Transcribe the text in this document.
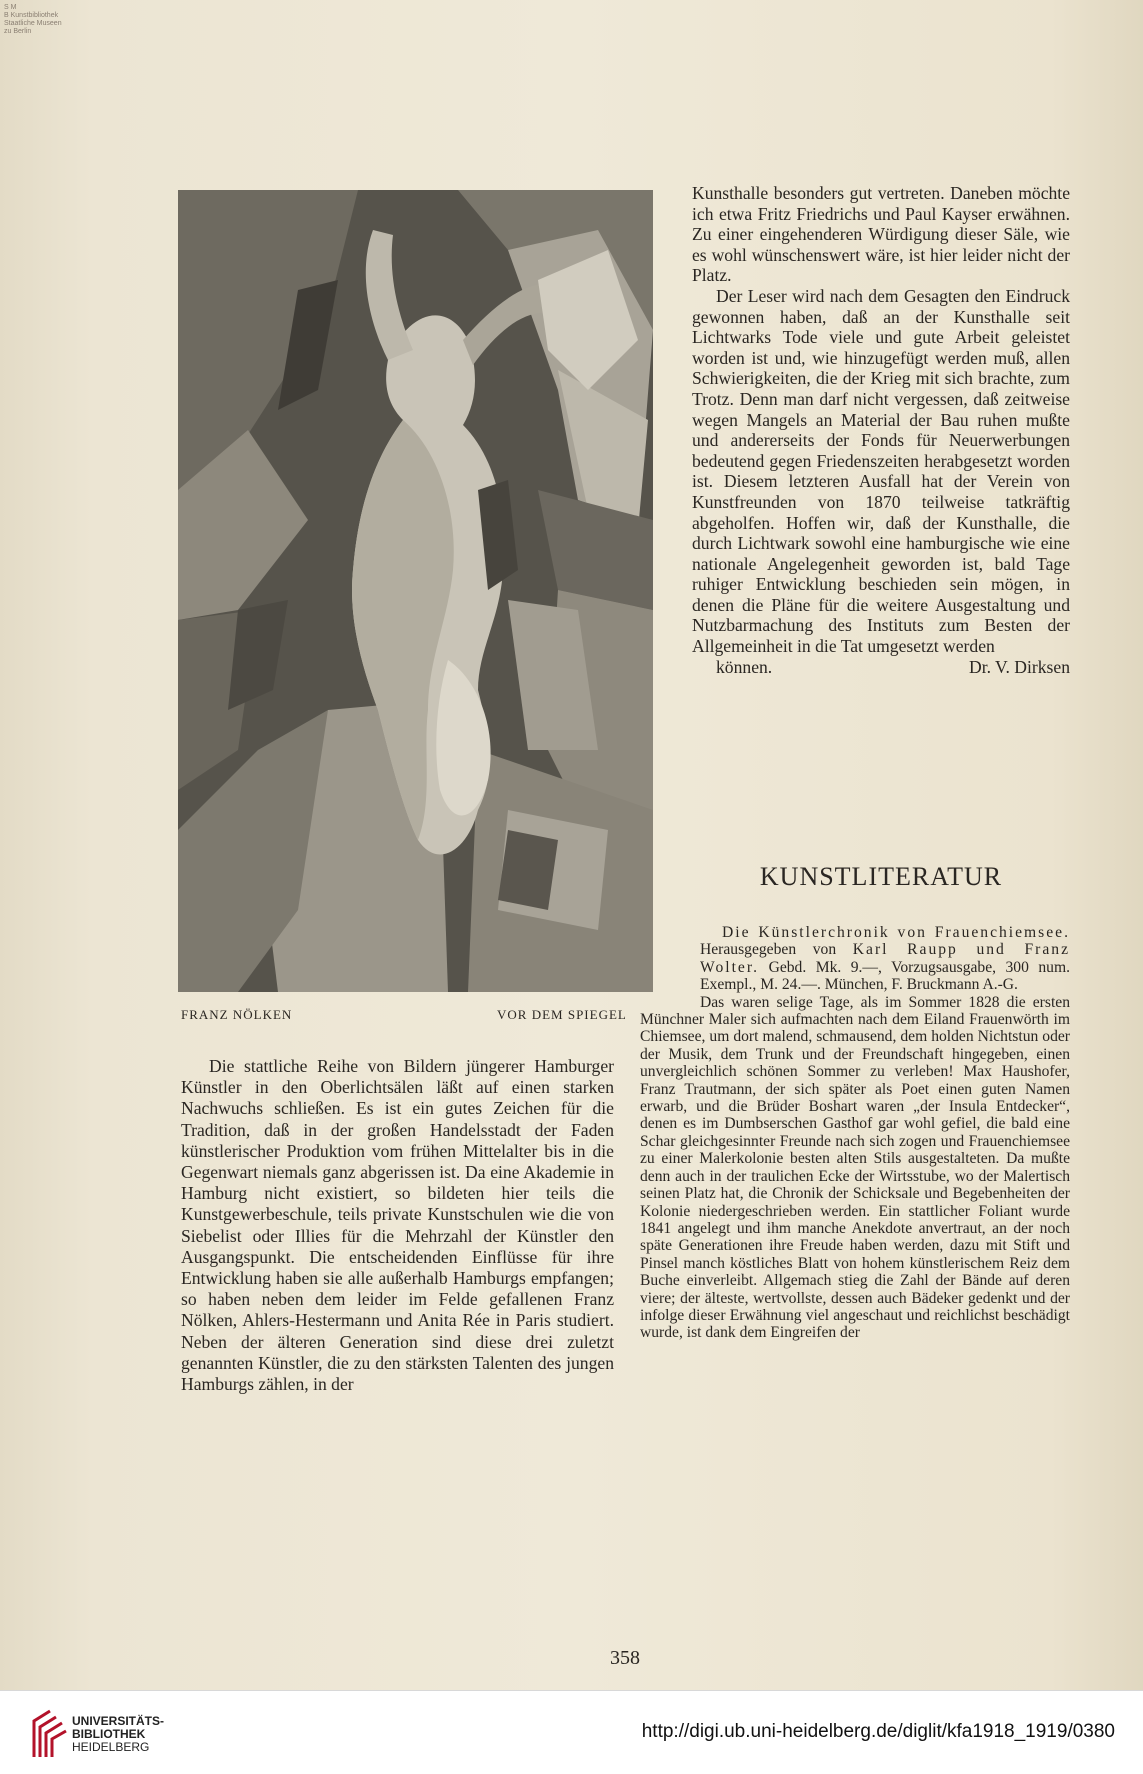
S M
B Kunstbibliothek
Staatliche Museen
zu Berlin
FRANZ NÖLKEN	VOR DEM SPIEGEL

Kunsthalle besonders gut vertreten. Daneben möchte ich etwa Fritz Friedrichs und Paul Kayser erwähnen. Zu einer eingehenderen Würdigung dieser Säle, wie es wohl wünschenswert wäre, ist hier leider nicht der Platz.

Der Leser wird nach dem Gesagten den Eindruck gewonnen haben, daß an der Kunsthalle seit Lichtwarks Tode viele und gute Arbeit geleistet worden ist und, wie hinzugefügt werden muß, allen Schwierigkeiten, die der Krieg mit sich brachte, zum Trotz. Denn man darf nicht vergessen, daß zeitweise wegen Mangels an Material der Bau ruhen mußte und andererseits der Fonds für Neuerwerbungen bedeutend gegen Friedenszeiten herabgesetzt worden ist. Diesem letzteren Ausfall hat der Verein von Kunstfreunden von 1870 teilweise tatkräftig abgeholfen. Hoffen wir, daß der Kunsthalle, die durch Lichtwark sowohl eine hamburgische wie eine nationale Angelegenheit geworden ist, bald Tage ruhiger Entwicklung beschieden sein mögen, in denen die Pläne für die weitere Ausgestaltung und Nutzbarmachung des Instituts zum Besten der Allgemeinheit in die Tat umgesetzt werden

können.	Dr. V. Dirksen

KUNSTLITERATUR

Die Künstlerchronik von Frauenchiemsee. Herausgegeben von Karl Raupp und Franz Wolter. Gebd. Mk. 9.—, Vorzugsausgabe, 300 num. Exempl., M. 24.—. München, F. Bruckmann A.-G.

Das waren selige Tage, als im Sommer 1828 die ersten Münchner Maler sich aufmachten nach dem Eiland Frauenwörth im Chiemsee, um dort malend, schmausend, dem holden Nichtstun oder der Musik, dem Trunk und der Freundschaft hingegeben, einen unvergleichlich schönen Sommer zu verleben! Max Haushofer, Franz Trautmann, der sich später als Poet einen guten Namen erwarb, und die Brüder Boshart waren „der Insula Entdecker“, denen es im Dumbserschen Gasthof gar wohl gefiel, die bald eine Schar gleichgesinnter Freunde nach sich zogen und Frauenchiemsee zu einer Malerkolonie besten alten Stils ausgestalteten. Da mußte denn auch in der traulichen Ecke der Wirtsstube, wo der Malertisch seinen Platz hat, die Chronik der Schicksale und Begebenheiten der Kolonie niedergeschrieben werden. Ein stattlicher Foliant wurde 1841 angelegt und ihm manche Anekdote anvertraut, an der noch späte Generationen ihre Freude haben werden, dazu mit Stift und Pinsel manch köstliches Blatt von hohem künstlerischem Reiz dem Buche einverleibt. Allgemach stieg die Zahl der Bände auf deren viere; der älteste, wertvollste, dessen auch Bädeker gedenkt und der infolge dieser Erwähnung viel angeschaut und reichlichst beschädigt wurde, ist dank dem Eingreifen der

Die stattliche Reihe von Bildern jüngerer Hamburger Künstler in den Oberlichtsälen läßt auf einen starken Nachwuchs schließen. Es ist ein gutes Zeichen für die Tradition, daß in der großen Handelsstadt der Faden künstlerischer Produktion vom frühen Mittelalter bis in die Gegenwart niemals ganz abgerissen ist. Da eine Akademie in Hamburg nicht existiert, so bildeten hier teils die Kunstgewerbeschule, teils private Kunstschulen wie die von Siebelist oder Illies für die Mehrzahl der Künstler den Ausgangspunkt. Die entscheidenden Einflüsse für ihre Entwicklung haben sie alle außerhalb Hamburgs empfangen; so haben neben dem leider im Felde gefallenen Franz Nölken, Ahlers-Hestermann und Anita Rée in Paris studiert. Neben der älteren Generation sind diese drei zuletzt genannten Künstler, die zu den stärksten Talenten des jungen Hamburgs zählen, in der

358
UNIVERSITÄTS-
BIBLIOTHEK
HEIDELBERG
http://digi.ub.uni-heidelberg.de/diglit/kfa1918_1919/0380
